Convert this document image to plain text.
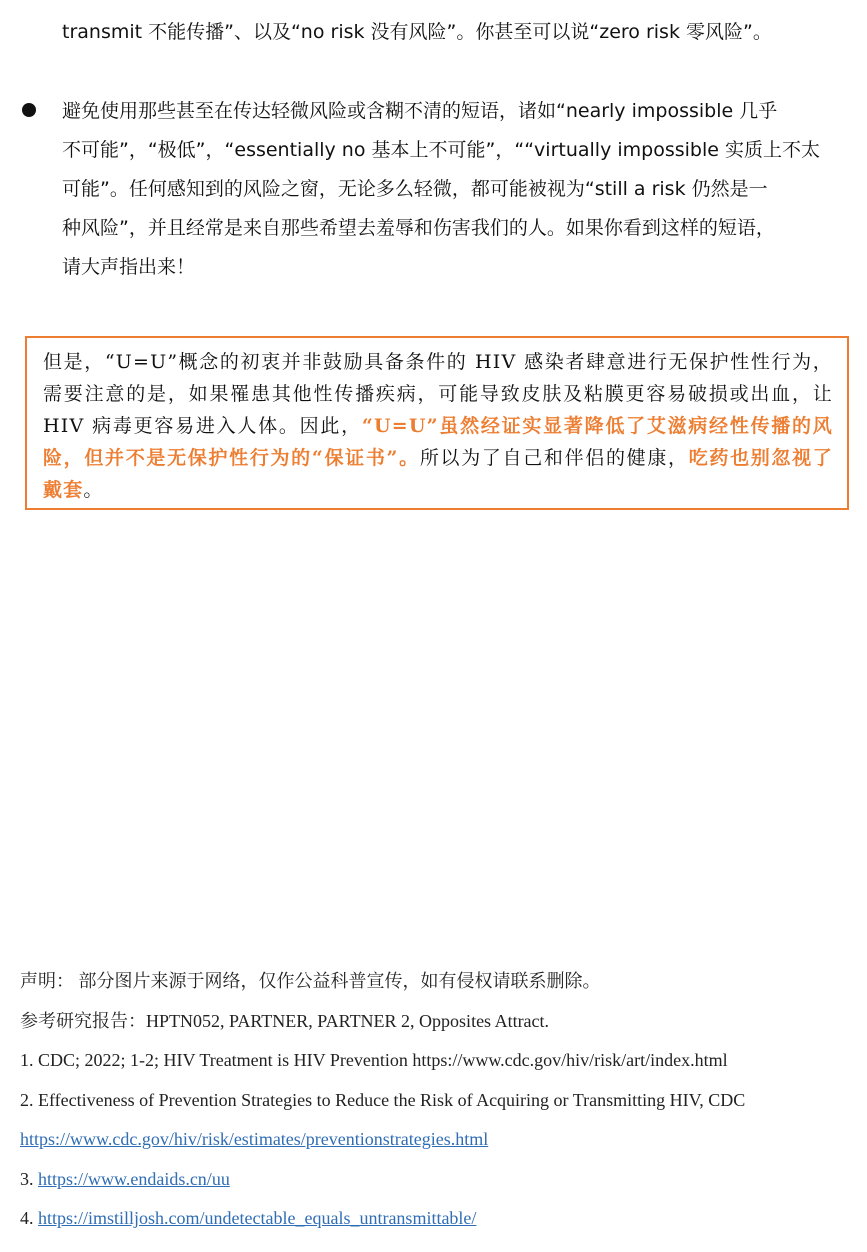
transmit 不能传播”、以及“no risk 没有风险”。你甚至可以说“zero risk 零风险”。
避免使用那些甚至在传达轻微风险或含糊不清的短语，诸如“nearly impossible 几乎
不可能”，“极低”，“essentially no 基本上不可能”，““virtually impossible 实质上不太
可能”。任何感知到的风险之窗，无论多么轻微，都可能被视为“still a risk 仍然是一
种风险”，并且经常是来自那些希望去羞辱和伤害我们的人。如果你看到这样的短语，
请大声指出来！
但是，“U=U”概念的初衷并非鼓励具备条件的 HIV 感染者肆意进行无保护性性行为，需要注意的是，如果罹患其他性传播疾病，可能导致皮肤及粘膜更容易破损或出血，让 HIV 病毒更容易进入人体。因此，“U=U”虽然经证实显著降低了艾滋病经性传播的风险，但并不是无保护性行为的“保证书”。所以为了自己和伴侣的健康，吃药也别忽视了戴套。
声明： 部分图片来源于网络，仅作公益科普宣传，如有侵权请联系删除。
参考研究报告：HPTN052, PARTNER, PARTNER 2, Opposites Attract.
1. CDC; 2022; 1-2; HIV Treatment is HIV Prevention https://www.cdc.gov/hiv/risk/art/index.html
2. Effectiveness of Prevention Strategies to Reduce the Risk of Acquiring or Transmitting HIV, CDC
https://www.cdc.gov/hiv/risk/estimates/preventionstrategies.html
3. https://www.endaids.cn/uu
4. https://imstilljosh.com/undetectable_equals_untransmittable/
